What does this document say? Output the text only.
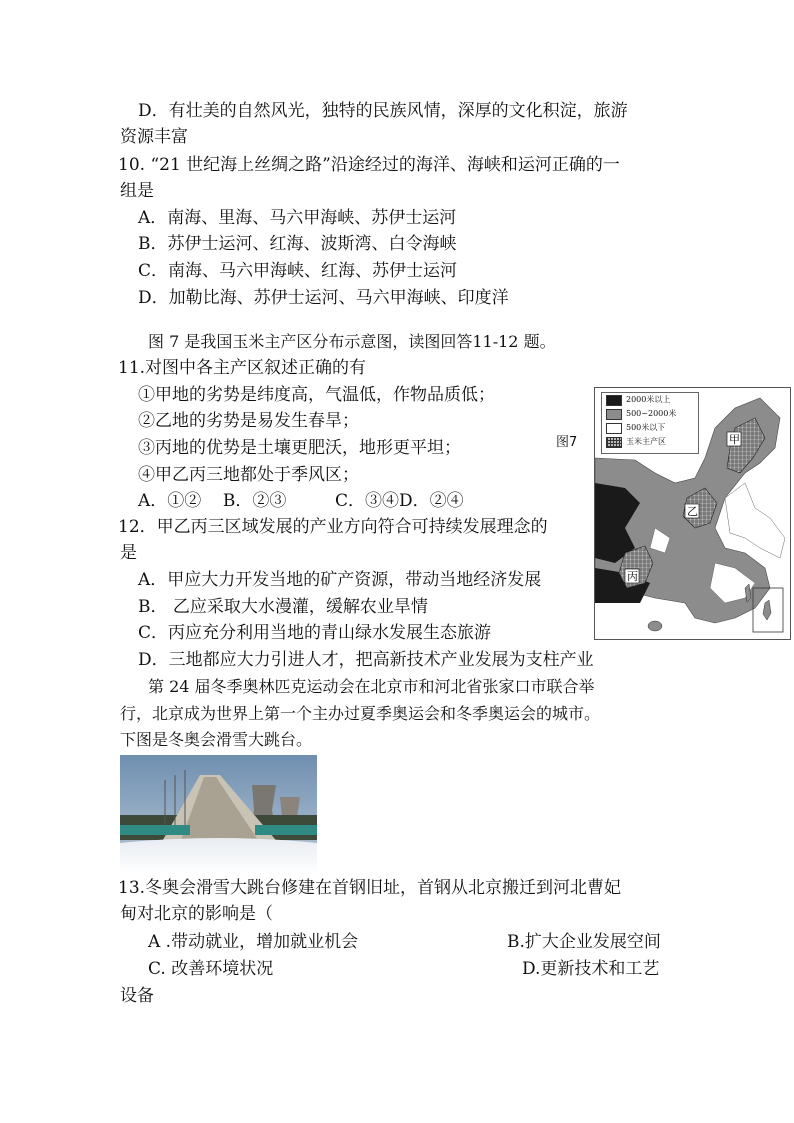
D．有壮美的自然风光，独特的民族风情，深厚的文化积淀，旅游
资源丰富
10. “21 世纪海上丝绸之路”沿途经过的海洋、海峡和运河正确的一
组是
A．南海、里海、马六甲海峡、苏伊士运河
B．苏伊士运河、红海、波斯湾、白令海峡
C．南海、马六甲海峡、红海、苏伊士运河
D．加勒比海、苏伊士运河、马六甲海峡、印度洋
图 7 是我国玉米主产区分布示意图，读图回答11-12 题。
11.对图中各主产区叙述正确的有
①甲地的劣势是纬度高，气温低，作物品质低；
②乙地的劣势是易发生春旱；
③丙地的优势是土壤更肥沃，地形更平坦；
④甲乙丙三地都处于季风区；
A．①②    B．②③         C．③④D．②④
12．甲乙丙三区域发展的产业方向符合可持续发展理念的
是
A．甲应大力开发当地的矿产资源，带动当地经济发展
B． 乙应采取大水漫灌，缓解农业旱情
C．丙应充分利用当地的青山绿水发展生态旅游
D．三地都应大力引进人才，把高新技术产业发展为支柱产业
第 24 届冬季奥林匹克运动会在北京市和河北省张家口市联合举
行，北京成为世界上第一个主办过夏季奥运会和冬季奥运会的城市。
下图是冬奥会滑雪大跳台。
13.冬奥会滑雪大跳台修建在首钢旧址，首钢从北京搬迁到河北曹妃
甸对北京的影响是（
A .带动就业，增加就业机会	B.扩大企业发展空间
C. 改善环境状况	D.更新技术和工艺
设备
图7	甲
乙
丙
2000米以上
500~2000米
500米以下
玉米主产区
